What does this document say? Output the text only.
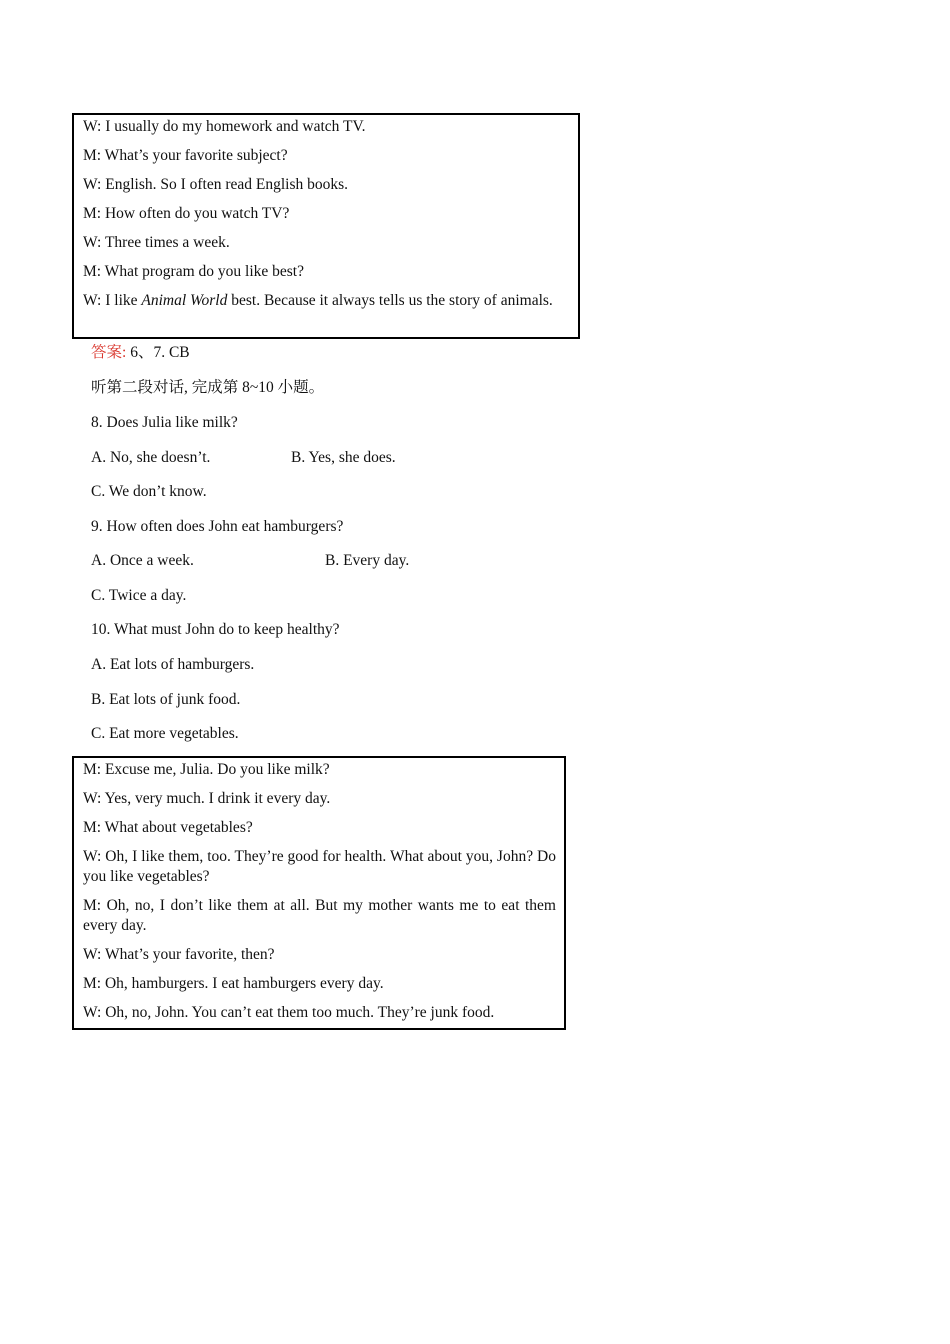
W: I usually do my homework and watch TV.
M: What’s your favorite subject?
W: English. So I often read English books.
M: How often do you watch TV?
W: Three times a week.
M: What program do you like best?
W: I like Animal World best. Because it always tells us the story of animals.
答案: 6、7. CB
听第二段对话, 完成第 8~10 小题。
8. Does Julia like milk?
A. No, she doesn’t.	B. Yes, she does.
C. We don’t know.
9. How often does John eat hamburgers?
A. Once a week.	B. Every day.
C. Twice a day.
10. What must John do to keep healthy?
A. Eat lots of hamburgers.
B. Eat lots of junk food.
C. Eat more vegetables.
M: Excuse me, Julia. Do you like milk?
W: Yes, very much. I drink it every day.
M: What about vegetables?
W: Oh, I like them, too. They’re good for health. What about you, John? Do you like vegetables?
M: Oh, no, I don’t like them at all. But my mother wants me to eat them every day.
W: What’s your favorite, then?
M: Oh, hamburgers. I eat hamburgers every day.
W: Oh, no, John. You can’t eat them too much. They’re junk food.
